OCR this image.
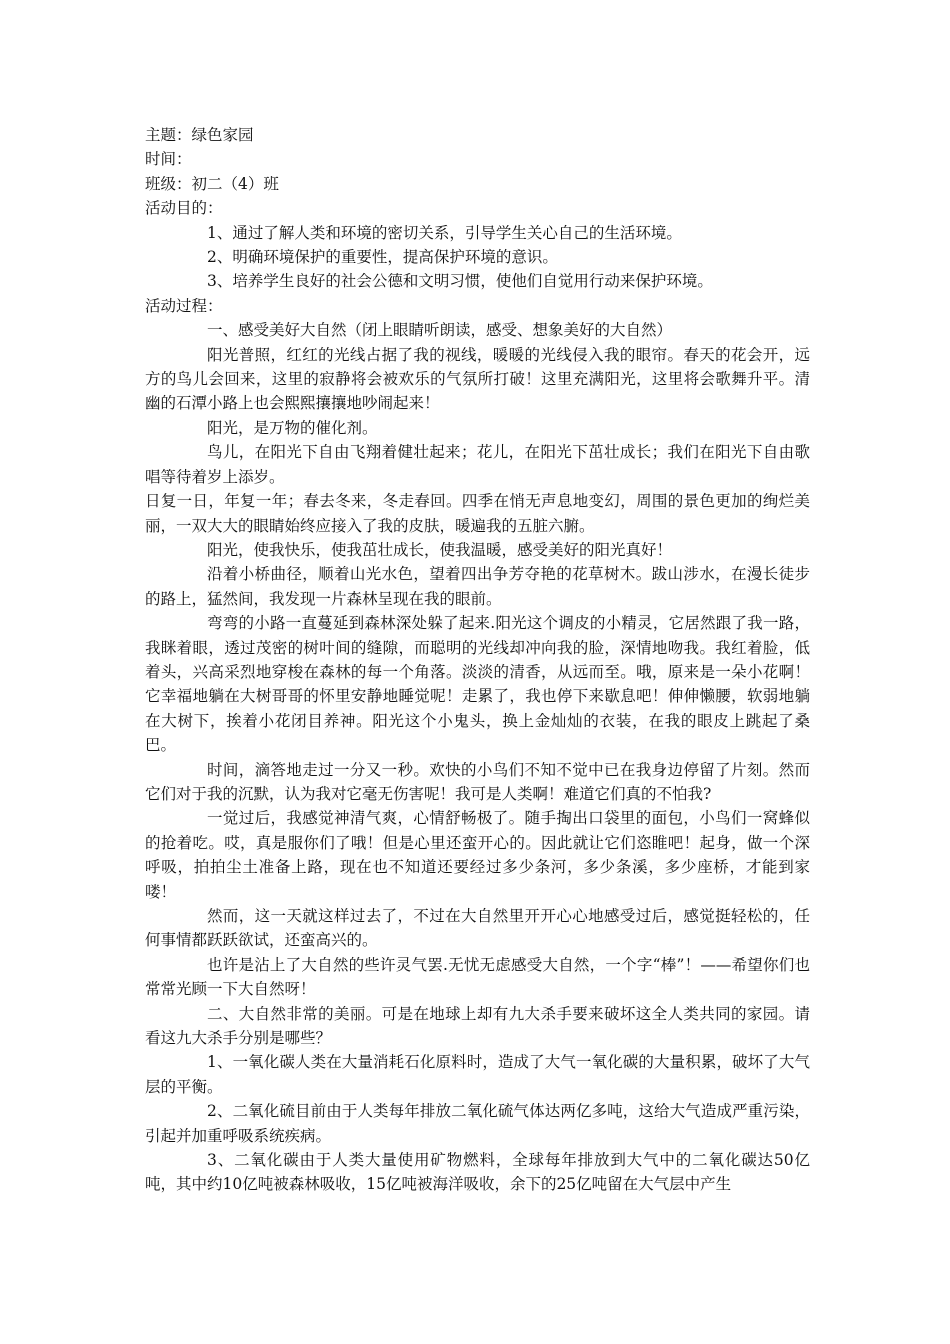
主题：绿色家园

时间：

班级：初二（4）班

活动目的：

1、通过了解人类和环境的密切关系，引导学生关心自己的生活环境。

2、明确环境保护的重要性，提高保护环境的意识。

3、培养学生良好的社会公德和文明习惯，使他们自觉用行动来保护环境。

活动过程：

一、感受美好大自然（闭上眼睛听朗读，感受、想象美好的大自然）

阳光普照，红红的光线占据了我的视线，暖暖的光线侵入我的眼帘。春天的花会开，远方的鸟儿会回来，这里的寂静将会被欢乐的气氛所打破！这里充满阳光，这里将会歌舞升平。清幽的石潭小路上也会熙熙攘攘地吵闹起来！

阳光，是万物的催化剂。

鸟儿，在阳光下自由飞翔着健壮起来；花儿，在阳光下茁壮成长；我们在阳光下自由歌唱等待着岁上添岁。

日复一日，年复一年；春去冬来，冬走春回。四季在悄无声息地变幻，周围的景色更加的绚烂美丽，一双大大的眼睛始终应接入了我的皮肤，暖遍我的五脏六腑。

阳光，使我快乐，使我茁壮成长，使我温暖，感受美好的阳光真好！

沿着小桥曲径，顺着山光水色，望着四出争芳夺艳的花草树木。跋山涉水，在漫长徒步的路上，猛然间，我发现一片森林呈现在我的眼前。

弯弯的小路一直蔓延到森林深处躲了起来.阳光这个调皮的小精灵，它居然跟了我一路，我眯着眼，透过茂密的树叶间的缝隙，而聪明的光线却冲向我的脸，深情地吻我。我红着脸，低着头，兴高采烈地穿梭在森林的每一个角落。淡淡的清香，从远而至。哦，原来是一朵小花啊！它幸福地躺在大树哥哥的怀里安静地睡觉呢！走累了，我也停下来歇息吧！伸伸懒腰，软弱地躺在大树下，挨着小花闭目养神。阳光这个小鬼头，换上金灿灿的衣装，在我的眼皮上跳起了桑巴。

时间，滴答地走过一分又一秒。欢快的小鸟们不知不觉中已在我身边停留了片刻。然而它们对于我的沉默，认为我对它毫无伤害呢！我可是人类啊！难道它们真的不怕我?

一觉过后，我感觉神清气爽，心情舒畅极了。随手掏出口袋里的面包，小鸟们一窝蜂似的抢着吃。哎，真是服你们了哦！但是心里还蛮开心的。因此就让它们恣睢吧！起身，做一个深呼吸，拍拍尘土准备上路，现在也不知道还要经过多少条河，多少条溪，多少座桥，才能到家喽！

然而，这一天就这样过去了，不过在大自然里开开心心地感受过后，感觉挺轻松的，任何事情都跃跃欲试，还蛮高兴的。

也许是沾上了大自然的些许灵气罢.无忧无虑感受大自然，一个字“棒”！——希望你们也常常光顾一下大自然呀！

二、大自然非常的美丽。可是在地球上却有九大杀手要来破坏这全人类共同的家园。请看这九大杀手分别是哪些？

1、一氧化碳人类在大量消耗石化原料时，造成了大气一氧化碳的大量积累，破坏了大气层的平衡。

2、二氧化硫目前由于人类每年排放二氧化硫气体达两亿多吨，这给大气造成严重污染，引起并加重呼吸系统疾病。

3、二氧化碳由于人类大量使用矿物燃料，全球每年排放到大气中的二氧化碳达50亿吨，其中约10亿吨被森林吸收，15亿吨被海洋吸收，余下的25亿吨留在大气层中产生
